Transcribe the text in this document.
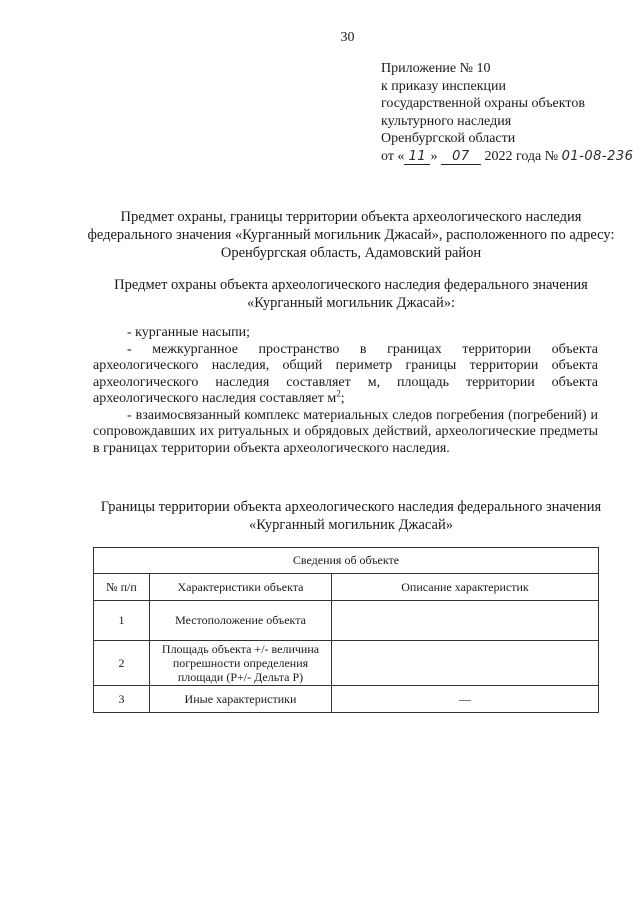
30
Приложение № 10
к приказу инспекции
государственной охраны объектов
культурного наследия
Оренбургской области
от « 11 » 07 2022 года № 01-08-236
Предмет охраны, границы территории объекта археологического наследия федерального значения «Курганный могильник Джасай», расположенного по адресу: Оренбургская область, Адамовский район
Предмет охраны объекта археологического наследия федерального значения «Курганный могильник Джасай»:

- курганные насыпи;

- межкурганное пространство в границах территории объекта археологического наследия, общий периметр границы территории объекта археологического наследия составляет м, площадь территории объекта археологического наследия составляет $м^2$;

- взаимосвязанный комплекс материальных следов погребения (погребений) и сопровождавших их ритуальных и обрядовых действий, археологические предметы в границах территории объекта археологического наследия.

Границы территории объекта археологического наследия федерального значения «Курганный могильник Джасай»
Сведения об объекте		
№ п/п	Характеристики объекта	Описание характеристик
1	Местоположение объекта	
2	Площадь объекта +/- величина погрешности определения площади (Р+/- Дельта Р)	
3	Иные характеристики	—
